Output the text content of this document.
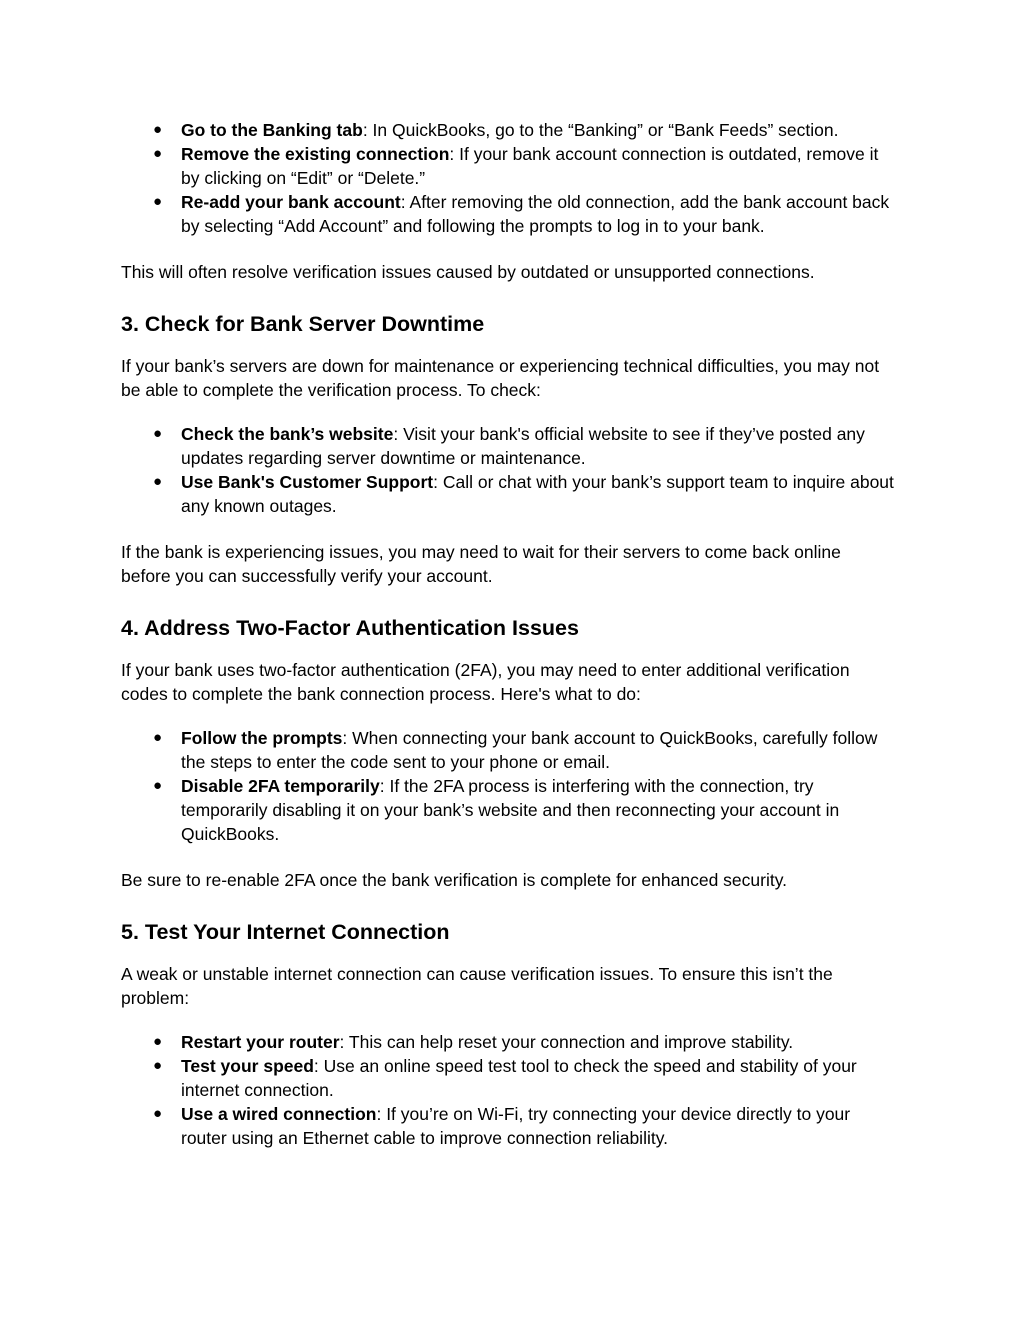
● Go to the Banking tab: In QuickBooks, go to the “Banking” or “Bank Feeds” section.
● Remove the existing connection: If your bank account connection is outdated, remove it by clicking on “Edit” or “Delete.”
● Re-add your bank account: After removing the old connection, add the bank account back by selecting “Add Account” and following the prompts to log in to your bank.

This will often resolve verification issues caused by outdated or unsupported connections.

3. Check for Bank Server Downtime

If your bank’s servers are down for maintenance or experiencing technical difficulties, you may not be able to complete the verification process. To check:

● Check the bank’s website: Visit your bank's official website to see if they’ve posted any updates regarding server downtime or maintenance.
● Use Bank's Customer Support: Call or chat with your bank’s support team to inquire about any known outages.

If the bank is experiencing issues, you may need to wait for their servers to come back online before you can successfully verify your account.

4. Address Two-Factor Authentication Issues

If your bank uses two-factor authentication (2FA), you may need to enter additional verification codes to complete the bank connection process. Here's what to do:

● Follow the prompts: When connecting your bank account to QuickBooks, carefully follow the steps to enter the code sent to your phone or email.
● Disable 2FA temporarily: If the 2FA process is interfering with the connection, try temporarily disabling it on your bank’s website and then reconnecting your account in QuickBooks.

Be sure to re-enable 2FA once the bank verification is complete for enhanced security.

5. Test Your Internet Connection

A weak or unstable internet connection can cause verification issues. To ensure this isn’t the problem:

● Restart your router: This can help reset your connection and improve stability.
● Test your speed: Use an online speed test tool to check the speed and stability of your internet connection.
● Use a wired connection: If you’re on Wi-Fi, try connecting your device directly to your router using an Ethernet cable to improve connection reliability.
